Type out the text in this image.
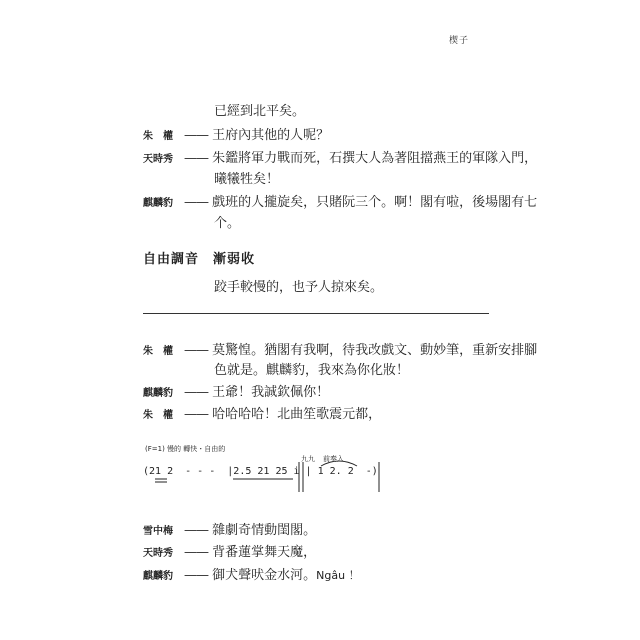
楔子
已經到北平矣。
朱　權 —— 王府內其他的人呢？
天時秀 —— 朱鑑將軍力戰而死，石撰大人為著阻擋燕王的軍隊入門，
曦犧牲矣！
麒麟豹 —— 戲班的人攏旋矣，只賭阮三个。啊！閣有啦，後場閣有七
个。
自由調音 漸弱收
跤手較慢的，也予人掠來矣。
朱　權 —— 莫驚惶。猶閣有我啊，待我改戲文、動妙筆，重新安排腳
色就是。麒麟豹，我來為你化妝！
麒麟豹 —— 王爺！我誠欽佩你！
朱　權 —— 哈哈哈哈！北曲笙歌震元都，
(F=1) 慢的 轉快・自由的
九九 前奏入
(21 2  - - -  |2.5 21 25 i | 1 2. 2  -)
雪中梅 —— 雜劇奇情動閨閣。
天時秀 —— 背番蓮掌舞天魔，
麒麟豹 —— 御犬聲吠金水河。Ngâu ！
